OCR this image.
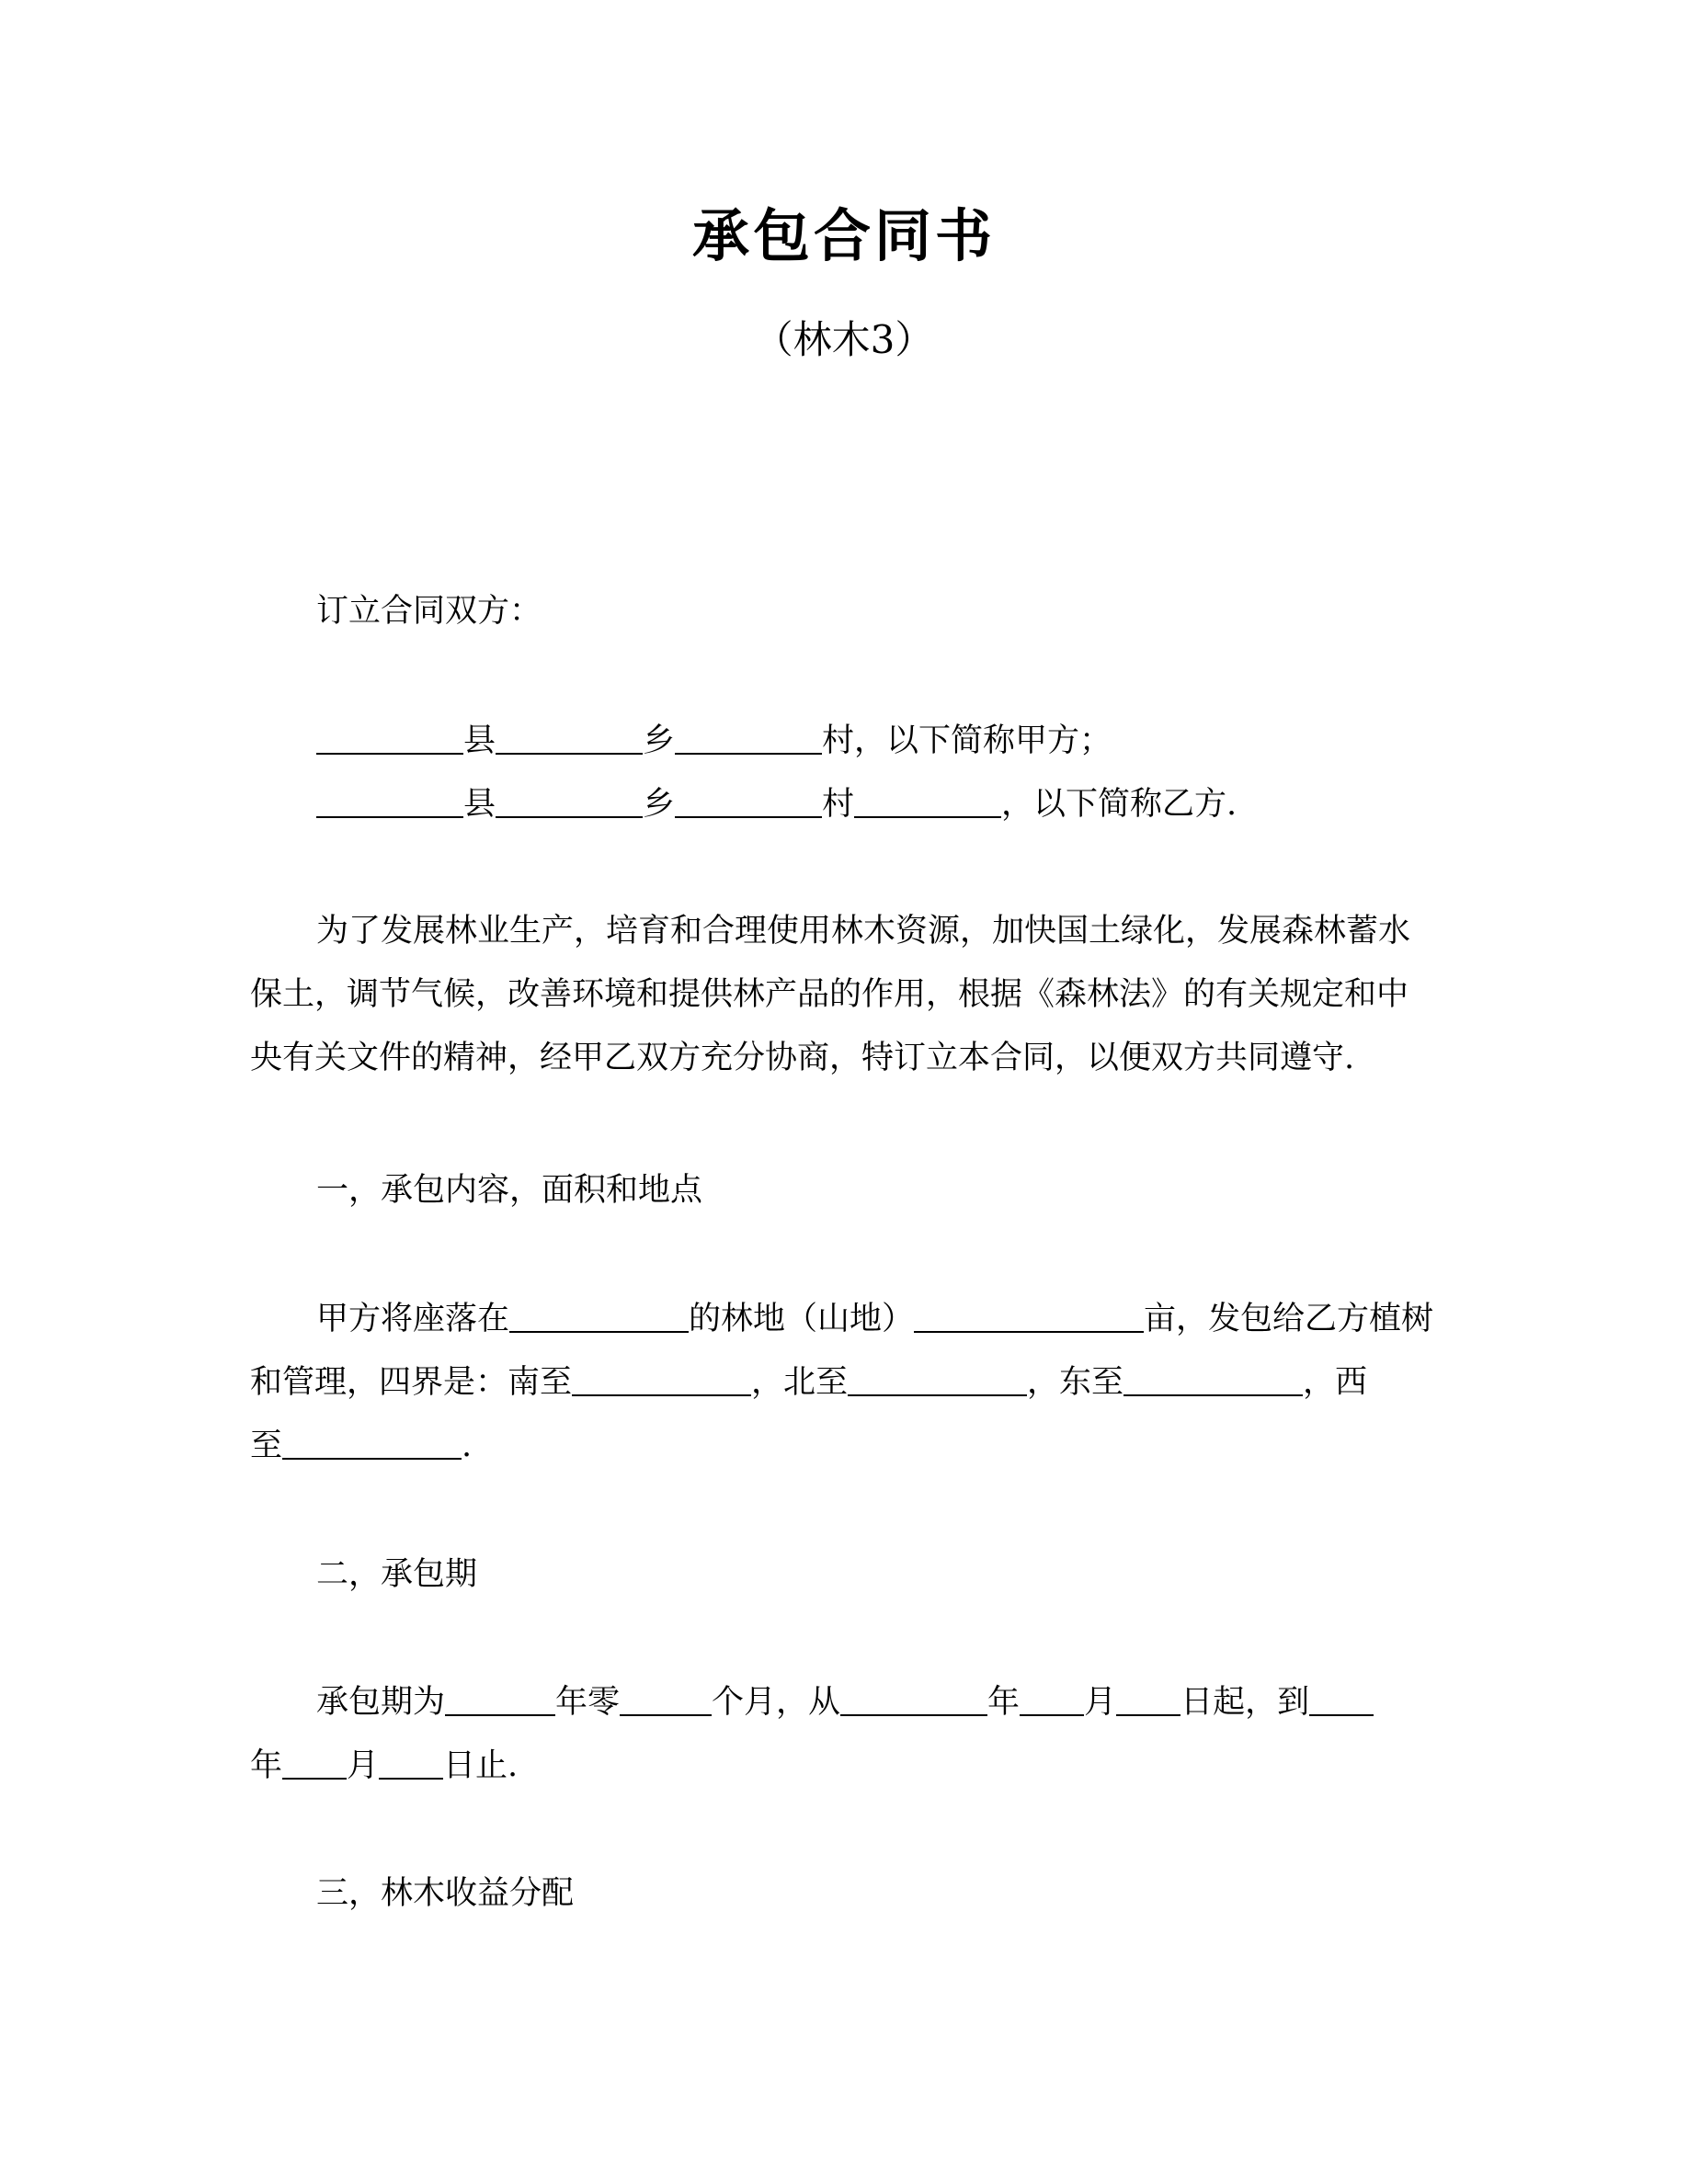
承包合同书
（林木3）
订立合同双方：
县	乡	村，以下简称甲方；
县	乡	村	，以下简称乙方.
为了发展林业生产，培育和合理使用林木资源，加快国土绿化，发展森林蓄水
保土，调节气候，改善环境和提供林产品的作用，根据《森林法》的有关规定和中
央有关文件的精神，经甲乙双方充分协商，特订立本合同，以便双方共同遵守.
一，承包内容，面积和地点
甲方将座落在	的林地（山地）	亩，发包给乙方植树
和管理，四界是：南至	，北至	，东至	，西
至	.
二，承包期
承包期为	年零	个月，从	年 月 日起，到
年 月 日止.
三，林木收益分配
